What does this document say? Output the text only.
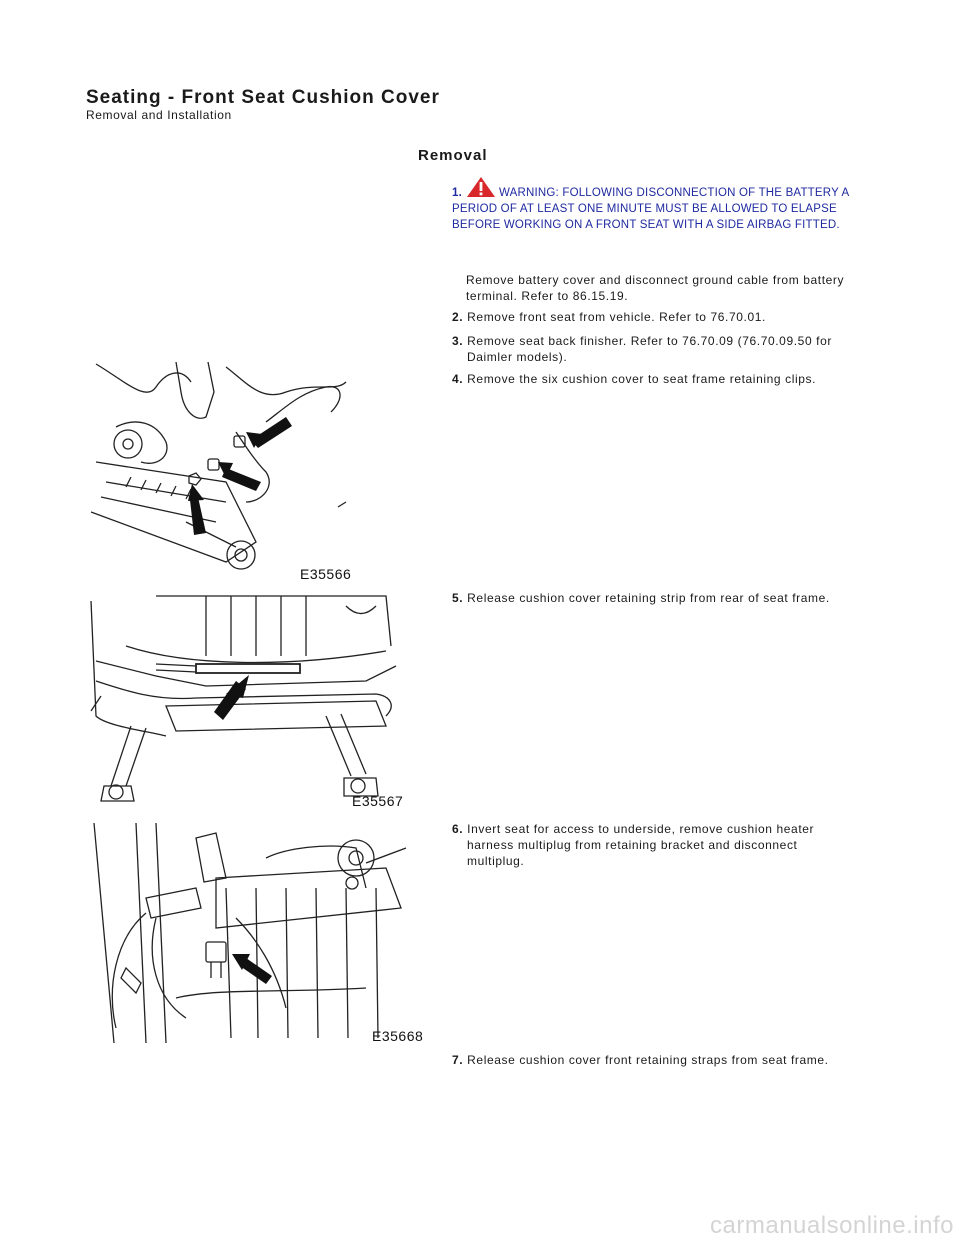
Seating - Front Seat Cushion Cover
Removal and Installation
Removal
1.	WARNING: FOLLOWING DISCONNECTION OF THE BATTERY A PERIOD OF AT LEAST ONE MINUTE MUST BE ALLOWED TO ELAPSE BEFORE WORKING ON A FRONT SEAT WITH A SIDE AIRBAG FITTED.
Remove battery cover and disconnect ground cable from battery terminal. Refer to 86.15.19.
2. Remove front seat from vehicle. Refer to 76.70.01.
3. Remove seat back finisher. Refer to 76.70.09 (76.70.09.50 for
Daimler models).
4. Remove the six cushion cover to seat frame retaining clips.
5. Release cushion cover retaining strip from rear of seat frame.
6. Invert seat for access to underside, remove cushion heater
harness multiplug from retaining bracket and disconnect multiplug.
7. Release cushion cover front retaining straps from seat frame.
E35566
E35567
E35668
carmanualsonline.info
